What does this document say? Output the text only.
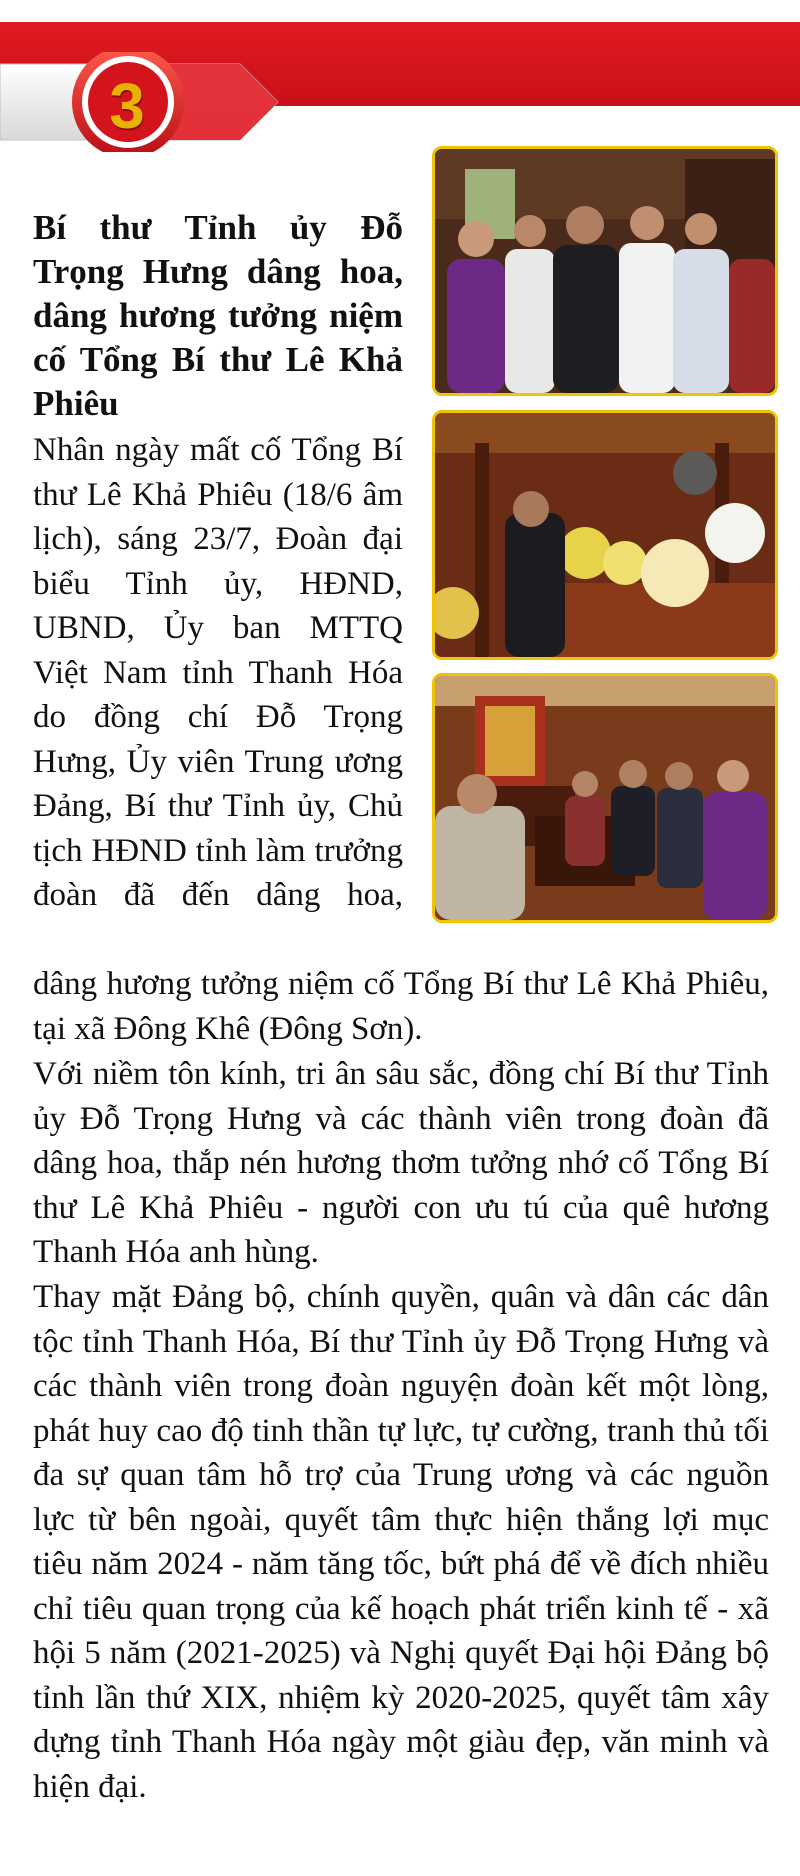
3
Bí thư Tỉnh ủy Đỗ Trọng Hưng dâng hoa, dâng hương tưởng niệm cố Tổng Bí thư Lê Khả Phiêu

Nhân ngày mất cố Tổng Bí thư Lê Khả Phiêu (18/6 âm lịch), sáng 23/7, Đoàn đại biểu Tỉnh ủy, HĐND, UBND, Ủy ban MTTQ Việt Nam tỉnh Thanh Hóa do đồng chí Đỗ Trọng Hưng, Ủy viên Trung ương Đảng, Bí thư Tỉnh ủy, Chủ tịch HĐND tỉnh làm trưởng đoàn đã đến dâng hoa,

dâng hương tưởng niệm cố Tổng Bí thư Lê Khả Phiêu, tại xã Đông Khê (Đông Sơn).

Với niềm tôn kính, tri ân sâu sắc, đồng chí Bí thư Tỉnh ủy Đỗ Trọng Hưng và các thành viên trong đoàn đã dâng hoa, thắp nén hương thơm tưởng nhớ cố Tổng Bí thư Lê Khả Phiêu - người con ưu tú của quê hương Thanh Hóa anh hùng.

Thay mặt Đảng bộ, chính quyền, quân và dân các dân tộc tỉnh Thanh Hóa, Bí thư Tỉnh ủy Đỗ Trọng Hưng và các thành viên trong đoàn nguyện đoàn kết một lòng, phát huy cao độ tinh thần tự lực, tự cường, tranh thủ tối đa sự quan tâm hỗ trợ của Trung ương và các nguồn lực từ bên ngoài, quyết tâm thực hiện thắng lợi mục tiêu năm 2024 - năm tăng tốc, bứt phá để về đích nhiều chỉ tiêu quan trọng của kế hoạch phát triển kinh tế - xã hội 5 năm (2021-2025) và Nghị quyết Đại hội Đảng bộ tỉnh lần thứ XIX, nhiệm kỳ 2020-2025, quyết tâm xây dựng tỉnh Thanh Hóa ngày một giàu đẹp, văn minh và hiện đại.
